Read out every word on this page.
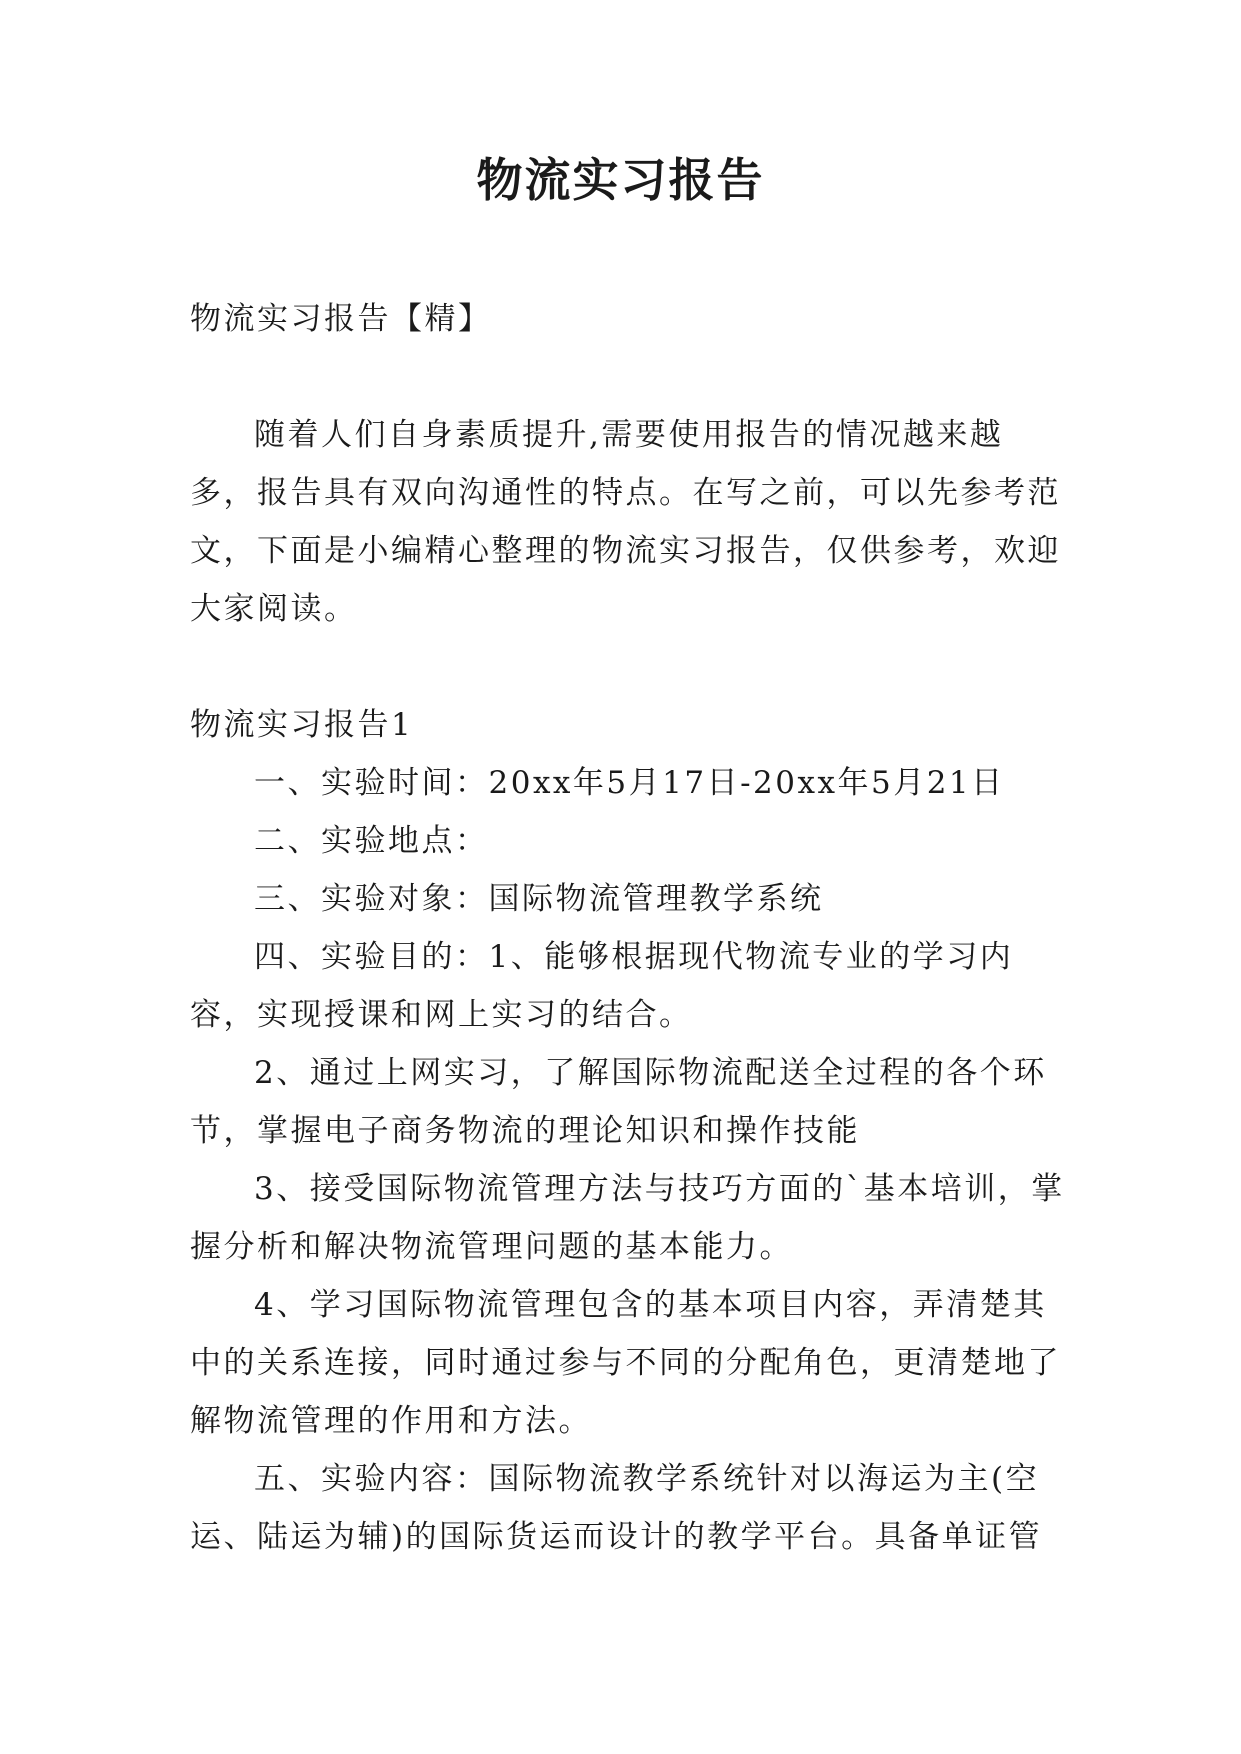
物流实习报告

物流实习报告【精】

随着人们自身素质提升,需要使用报告的情况越来越多，报告具有双向沟通性的特点。在写之前，可以先参考范文，下面是小编精心整理的物流实习报告，仅供参考，欢迎大家阅读。

物流实习报告1

一、实验时间：20xx年5月17日-20xx年5月21日

二、实验地点：

三、实验对象：国际物流管理教学系统

四、实验目的：1、能够根据现代物流专业的学习内容，实现授课和网上实习的结合。

2、通过上网实习，了解国际物流配送全过程的各个环节，掌握电子商务物流的理论知识和操作技能

3、接受国际物流管理方法与技巧方面的`基本培训，掌握分析和解决物流管理问题的基本能力。

4、学习国际物流管理包含的基本项目内容，弄清楚其中的关系连接，同时通过参与不同的分配角色，更清楚地了解物流管理的作用和方法。

五、实验内容：国际物流教学系统针对以海运为主(空运、陆运为辅)的国际货运而设计的教学平台。具备单证管
